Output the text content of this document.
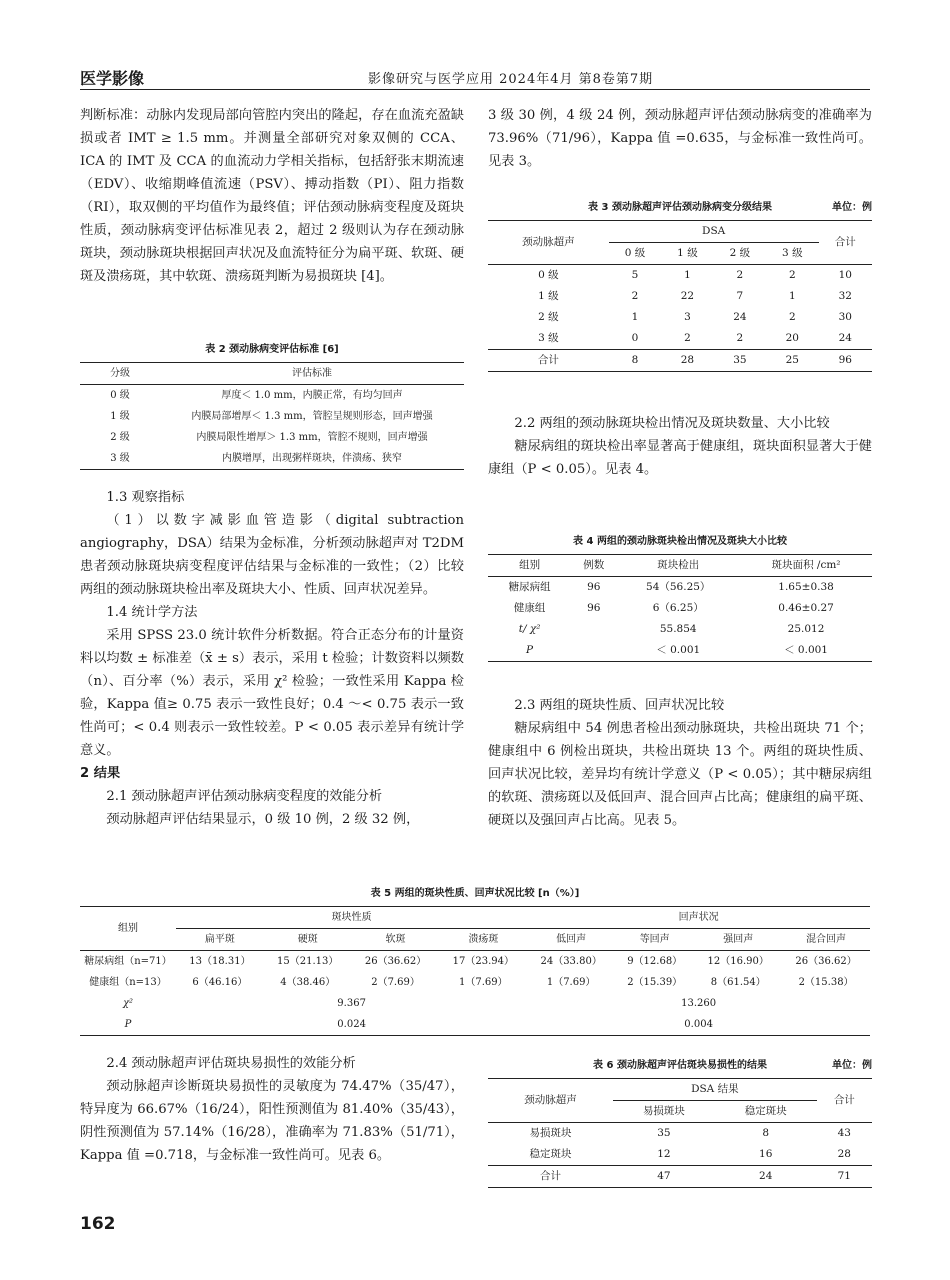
医学影像	影像研究与医学应用 2024年4月 第8卷第7期

判断标准：动脉内发现局部向管腔内突出的隆起，存在血流充盈缺损或者 IMT ≥ 1.5 mm。并测量全部研究对象双侧的 CCA、ICA 的 IMT 及 CCA 的血流动力学相关指标，包括舒张末期流速（EDV）、收缩期峰值流速（PSV）、搏动指数（PI）、阻力指数（RI），取双侧的平均值作为最终值；评估颈动脉病变程度及斑块性质，颈动脉病变评估标准见表 2，超过 2 级则认为存在颈动脉斑块，颈动脉斑块根据回声状况及血流特征分为扁平斑、软斑、硬斑及溃疡斑，其中软斑、溃疡斑判断为易损斑块 [4]。

表 2 颈动脉病变评估标准 [6]
分级	评估标准
0 级	厚度＜ 1.0 mm，内膜正常，有均匀回声
1 级	内膜局部增厚＜ 1.3 mm，管腔呈规则形态，回声增强
2 级	内膜局限性增厚＞ 1.3 mm，管腔不规则，回声增强
3 级	内膜增厚，出现粥样斑块，伴溃疡、狭窄
1.3 观察指标

（1）以数字减影血管造影（digital subtraction angiography，DSA）结果为金标准，分析颈动脉超声对 T2DM 患者颈动脉斑块病变程度评估结果与金标准的一致性；（2）比较两组的颈动脉斑块检出率及斑块大小、性质、回声状况差异。

1.4 统计学方法

采用 SPSS 23.0 统计软件分析数据。符合正态分布的计量资料以均数 ± 标准差（x̄ ± s）表示，采用 t 检验；计数资料以频数（n）、百分率（%）表示，采用 χ² 检验；一致性采用 Kappa 检验，Kappa 值≥ 0.75 表示一致性良好；0.4 ～< 0.75 表示一致性尚可；< 0.4 则表示一致性较差。P < 0.05 表示差异有统计学意义。

2 结果
2.1 颈动脉超声评估颈动脉病变程度的效能分析

颈动脉超声评估结果显示，0 级 10 例，2 级 32 例，

3 级 30 例，4 级 24 例，颈动脉超声评估颈动脉病变的准确率为 73.96%（71/96），Kappa 值 =0.635，与金标准一致性尚可。见表 3。

表 3 颈动脉超声评估颈动脉病变分级结果	单位：例
颈动脉超声	DSA				合计
	0 级	1 级	2 级	3 级	
0 级	5	1	2	2	10
1 级	2	22	7	1	32
2 级	1	3	24	2	30
3 级	0	2	2	20	24
合计	8	28	35	25	96
2.2 两组的颈动脉斑块检出情况及斑块数量、大小比较

糖尿病组的斑块检出率显著高于健康组，斑块面积显著大于健康组（P < 0.05）。见表 4。

表 4 两组的颈动脉斑块检出情况及斑块大小比较
组别	例数	斑块检出	斑块面积 /cm²
糖尿病组	96	54（56.25）	1.65±0.38
健康组	96	6（6.25）	0.46±0.27
t/ χ²		55.854	25.012
P		＜ 0.001	＜ 0.001
2.3 两组的斑块性质、回声状况比较

糖尿病组中 54 例患者检出颈动脉斑块，共检出斑块 71 个；健康组中 6 例检出斑块，共检出斑块 13 个。两组的斑块性质、回声状况比较，差异均有统计学意义（P < 0.05）；其中糖尿病组的软斑、溃疡斑以及低回声、混合回声占比高；健康组的扁平斑、硬斑以及强回声占比高。见表 5。

表 5 两组的斑块性质、回声状况比较 [n（%）]
组别	斑块性质				回声状况			
	扁平斑	硬斑	软斑	溃疡斑	低回声	等回声	强回声	混合回声
糖尿病组（n=71）	13（18.31）	15（21.13）	26（36.62）	17（23.94）	24（33.80）	9（12.68）	12（16.90）	26（36.62）
健康组（n=13）	6（46.16）	4（38.46）	2（7.69）	1（7.69）	1（7.69）	2（15.39）	8（61.54）	2（15.38）
χ²	9.367				13.260			
P	0.024				0.004			
2.4 颈动脉超声评估斑块易损性的效能分析

颈动脉超声诊断斑块易损性的灵敏度为 74.47%（35/47），特异度为 66.67%（16/24），阳性预测值为 81.40%（35/43），阴性预测值为 57.14%（16/28），准确率为 71.83%（51/71），Kappa 值 =0.718，与金标准一致性尚可。见表 6。

表 6 颈动脉超声评估斑块易损性的结果	单位：例
颈动脉超声	DSA 结果		合计
	易损斑块	稳定斑块	
易损斑块	35	8	43
稳定斑块	12	16	28
合计	47	24	71
162
